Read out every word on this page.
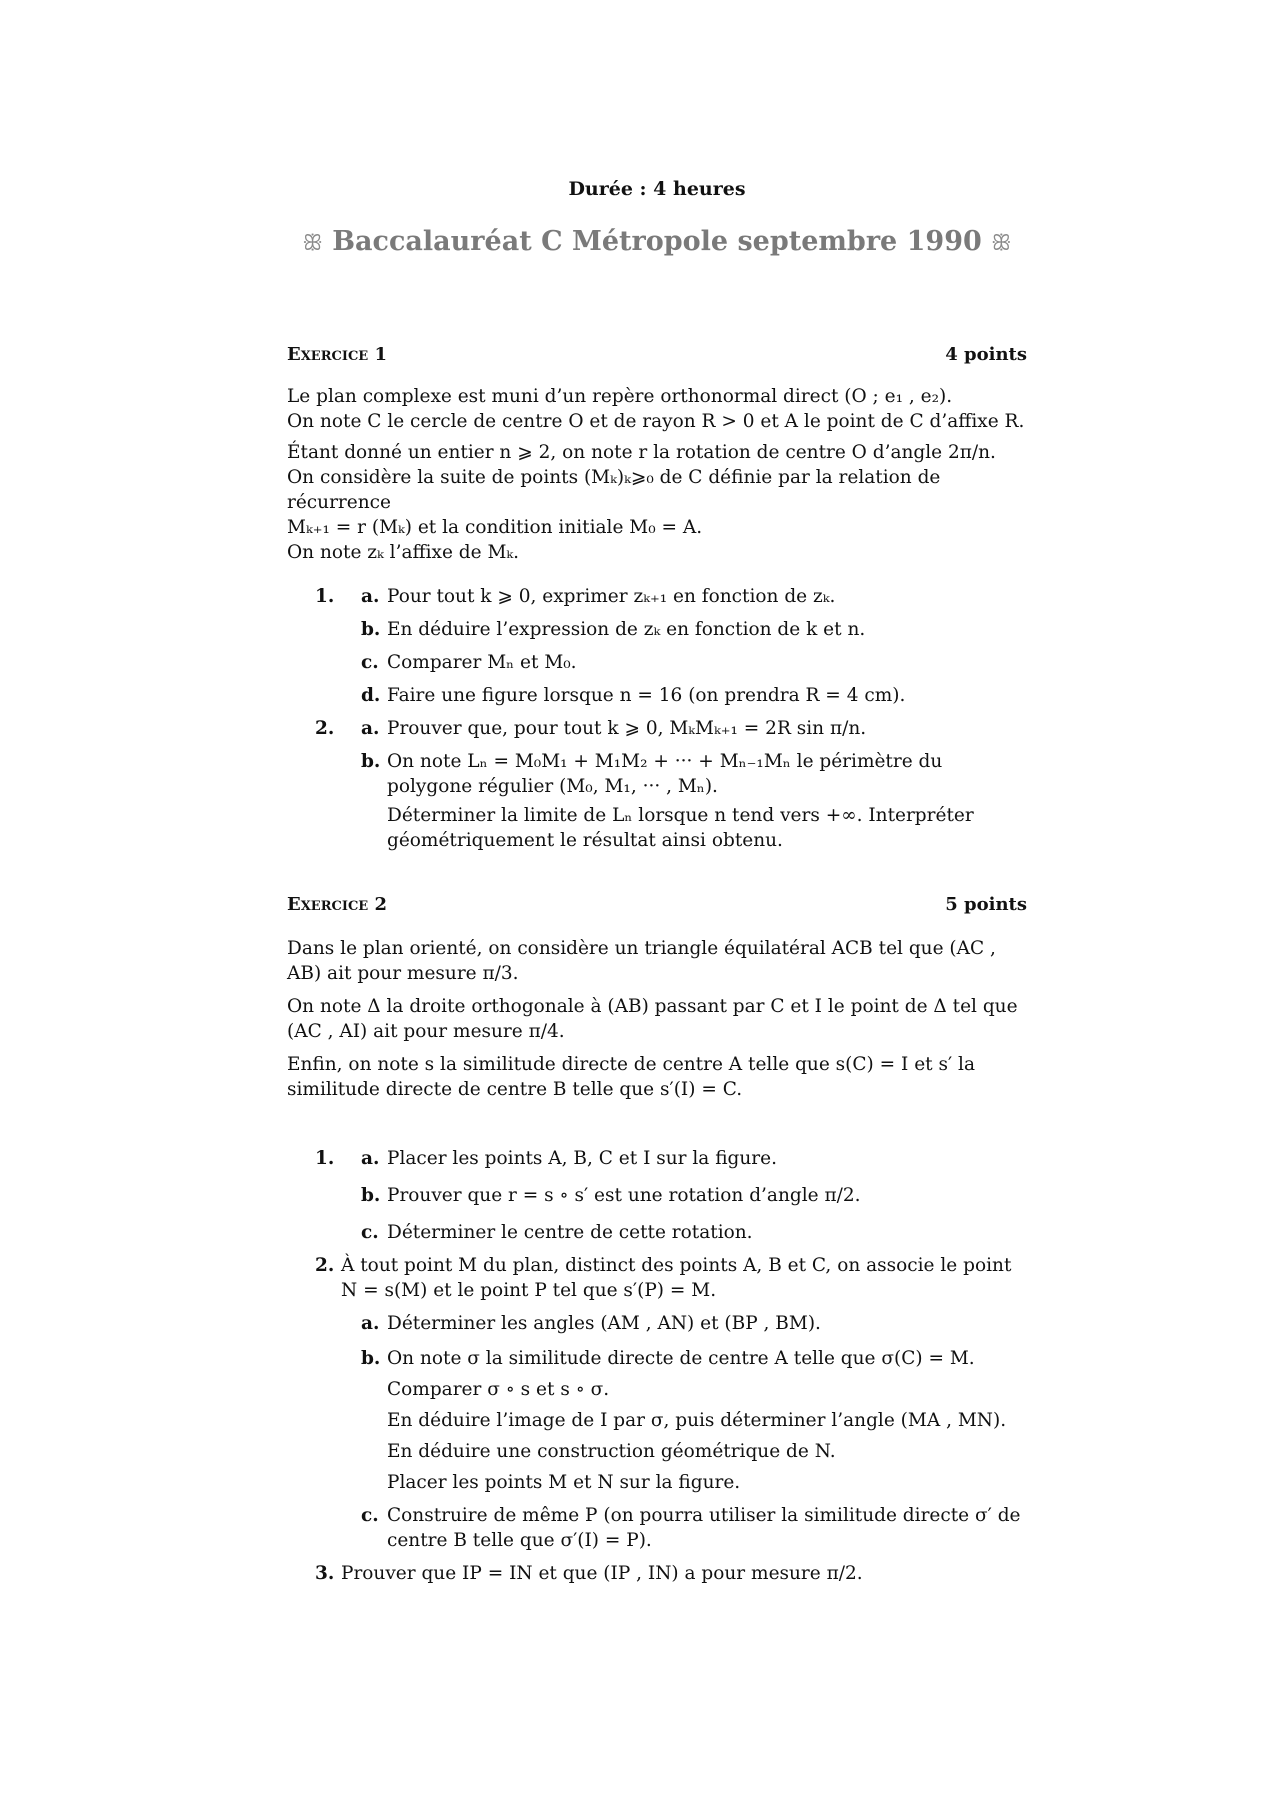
Durée : 4 heures
ꕥ Baccalauréat C Métropole septembre 1990 ꕥ
Exercice 1	4 points

Le plan complexe est muni d’un repère orthonormal direct (O ; e₁ , e₂).

On note C le cercle de centre O et de rayon R > 0 et A le point de C d’affixe R.

Étant donné un entier n ⩾ 2, on note r la rotation de centre O d’angle 2π/n.

On considère la suite de points (Mₖ)ₖ⩾₀ de C définie par la relation de récurrence

Mₖ₊₁ = r (Mₖ) et la condition initiale M₀ = A.

On note zₖ l’affixe de Mₖ.

1. a. Pour tout k ⩾ 0, exprimer zₖ₊₁ en fonction de zₖ.
b. En déduire l’expression de zₖ en fonction de k et n.
c. Comparer Mₙ et M₀.
d. Faire une figure lorsque n = 16 (on prendra R = 4 cm).
2. a. Prouver que, pour tout k ⩾ 0, MₖMₖ₊₁ = 2R sin π/n.
b. On note Lₙ = M₀M₁ + M₁M₂ + ··· + Mₙ₋₁Mₙ le périmètre du polygone régulier (M₀, M₁, ··· , Mₙ).

Déterminer la limite de Lₙ lorsque n tend vers +∞. Interpréter géométriquement le résultat ainsi obtenu.

Exercice 2	5 points

Dans le plan orienté, on considère un triangle équilatéral ACB tel que (AC , AB) ait pour mesure π/3.

On note Δ la droite orthogonale à (AB) passant par C et I le point de Δ tel que (AC , AI) ait pour mesure π/4.

Enfin, on note s la similitude directe de centre A telle que s(C) = I et s′ la similitude directe de centre B telle que s′(I) = C.

1. a. Placer les points A, B, C et I sur la figure.
b. Prouver que r = s ∘ s′ est une rotation d’angle π/2.
c. Déterminer le centre de cette rotation.
2. À tout point M du plan, distinct des points A, B et C, on associe le point N = s(M) et le point P tel que s′(P) = M.

a. Déterminer les angles (AM , AN) et (BP , BM).
b. On note σ la similitude directe de centre A telle que σ(C) = M.

Comparer σ ∘ s et s ∘ σ.

En déduire l’image de I par σ, puis déterminer l’angle (MA , MN).

En déduire une construction géométrique de N.

Placer les points M et N sur la figure.

c. Construire de même P (on pourra utiliser la similitude directe σ′ de centre B telle que σ′(I) = P).
3. Prouver que IP = IN et que (IP , IN) a pour mesure π/2.
